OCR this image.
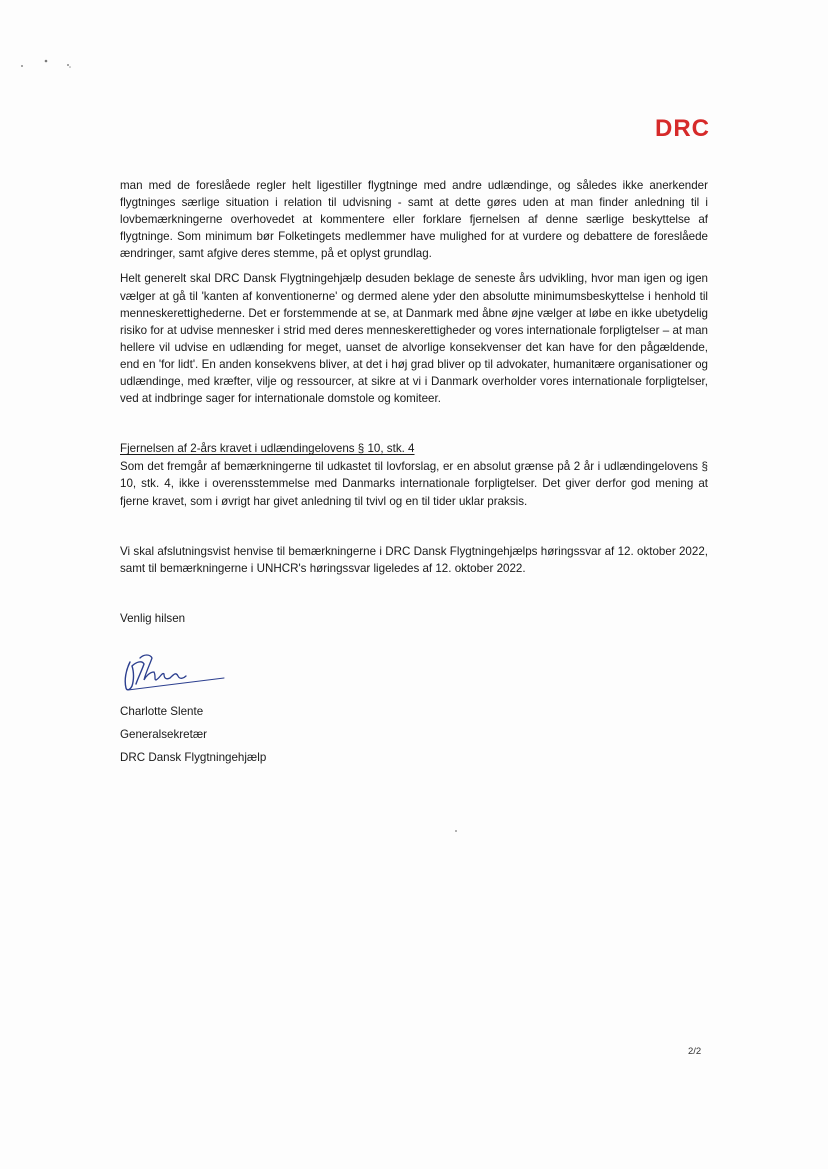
DRC

man med de foreslåede regler helt ligestiller flygtninge med andre udlændinge, og således ikke anerkender flygtninges særlige situation i relation til udvisning - samt at dette gøres uden at man finder anledning til i lovbemærkningerne overhovedet at kommentere eller forklare fjernelsen af denne særlige beskyttelse af flygtninge. Som minimum bør Folketingets medlemmer have mulighed for at vurdere og debattere de foreslåede ændringer, samt afgive deres stemme, på et oplyst grundlag.

Helt generelt skal DRC Dansk Flygtningehjælp desuden beklage de seneste års udvikling, hvor man igen og igen vælger at gå til 'kanten af konventionerne' og dermed alene yder den absolutte minimumsbeskyttelse i henhold til menneskerettighederne. Det er forstemmende at se, at Danmark med åbne øjne vælger at løbe en ikke ubetydelig risiko for at udvise mennesker i strid med deres menneskerettigheder og vores internationale forpligtelser – at man hellere vil udvise en udlænding for meget, uanset de alvorlige konsekvenser det kan have for den pågældende, end en 'for lidt'. En anden konsekvens bliver, at det i høj grad bliver op til advokater, humanitære organisationer og udlændinge, med kræfter, vilje og ressourcer, at sikre at vi i Danmark overholder vores internationale forpligtelser, ved at indbringe sager for internationale domstole og komiteer.

Fjernelsen af 2-års kravet i udlændingelovens § 10, stk. 4

Som det fremgår af bemærkningerne til udkastet til lovforslag, er en absolut grænse på 2 år i udlændingelovens § 10, stk. 4, ikke i overensstemmelse med Danmarks internationale forpligtelser. Det giver derfor god mening at fjerne kravet, som i øvrigt har givet anledning til tvivl og en til tider uklar praksis.

Vi skal afslutningsvist henvise til bemærkningerne i DRC Dansk Flygtningehjælps høringssvar af 12. oktober 2022, samt til bemærkningerne i UNHCR's høringssvar ligeledes af 12. oktober 2022.

Venlig hilsen

Charlotte Slente
Generalsekretær
DRC Dansk Flygtningehjælp
2/2
